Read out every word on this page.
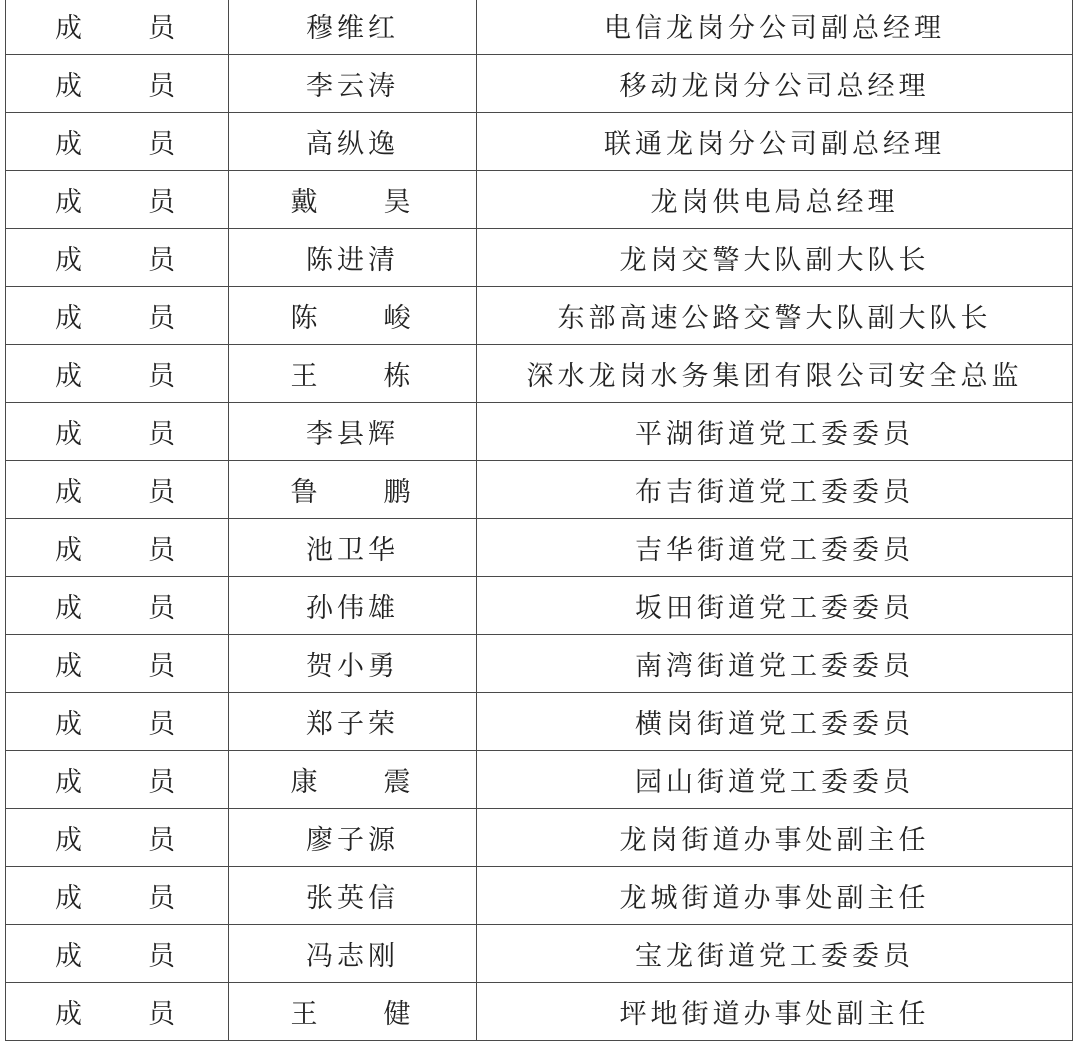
成　　员	穆维红	电信龙岗分公司副总经理
成　　员	李云涛	移动龙岗分公司总经理
成　　员	高纵逸	联通龙岗分公司副总经理
成　　员	戴　　昊	龙岗供电局总经理
成　　员	陈进清	龙岗交警大队副大队长
成　　员	陈　　峻	东部高速公路交警大队副大队长
成　　员	王　　栋	深水龙岗水务集团有限公司安全总监
成　　员	李县辉	平湖街道党工委委员
成　　员	鲁　　鹏	布吉街道党工委委员
成　　员	池卫华	吉华街道党工委委员
成　　员	孙伟雄	坂田街道党工委委员
成　　员	贺小勇	南湾街道党工委委员
成　　员	郑子荣	横岗街道党工委委员
成　　员	康　　震	园山街道党工委委员
成　　员	廖子源	龙岗街道办事处副主任
成　　员	张英信	龙城街道办事处副主任
成　　员	冯志刚	宝龙街道党工委委员
成　　员	王　　健	坪地街道办事处副主任
